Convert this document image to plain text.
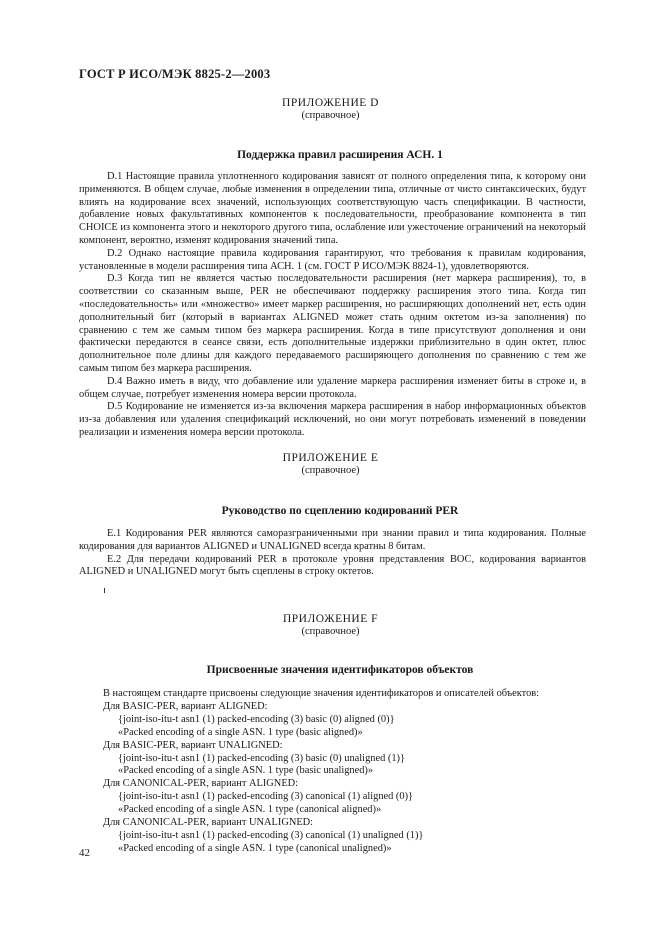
ГОСТ Р ИСО/МЭК 8825-2—2003
ПРИЛОЖЕНИЕ D
(справочное)
Поддержка правил расширения АСН. 1

D.1 Настоящие правила уплотненного кодирования зависят от полного определения типа, к которому они применяются. В общем случае, любые изменения в определении типа, отличные от чисто синтаксических, будут влиять на кодирование всех значений, использующих соответствующую часть спецификации. В частности, добавление новых факультативных компонентов к последовательности, преобразование компонента в тип CHOICE из компонента этого и некоторого другого типа, ослабление или ужесточение ограничений на некоторый компонент, вероятно, изменят кодирования значений типа.

D.2 Однако настоящие правила кодирования гарантируют, что требования к правилам кодирования, установленные в модели расширения типа АСН. 1 (см. ГОСТ Р ИСО/МЭК 8824-1), удовлетворяются.

D.3 Когда тип не является частью последовательности расширения (нет маркера расширения), то, в соответствии со сказанным выше, PER не обеспечивают поддержку расширения этого типа. Когда тип «последовательность» или «множество» имеет маркер расширения, но расширяющих дополнений нет, есть один дополнительный бит (который в вариантах ALIGNED может стать одним октетом из-за заполнения) по сравнению с тем же самым типом без маркера расширения. Когда в типе присутствуют дополнения и они фактически передаются в сеансе связи, есть дополнительные издержки приблизительно в один октет, плюс дополнительное поле длины для каждого передаваемого расширяющего дополнения по сравнению с тем же самым типом без маркера расширения.

D.4 Важно иметь в виду, что добавление или удаление маркера расширения изменяет биты в строке и, в общем случае, потребует изменения номера версии протокола.

D.5 Кодирование не изменяется из-за включения маркера расширения в набор информационных объектов из-за добавления или удаления спецификаций исключений, но они могут потребовать изменений в поведении реализации и изменения номера версии протокола.

ПРИЛОЖЕНИЕ E
(справочное)
Руководство по сцеплению кодирований PER

E.1 Кодирования PER являются саморазграниченными при знании правил и типа кодирования. Полные кодирования для вариантов ALIGNED и UNALIGNED всегда кратны 8 битам.

E.2 Для передачи кодирований PER в протоколе уровня представления ВОС, кодирования вариантов ALIGNED и UNALIGNED могут быть сцеплены в строку октетов.

ПРИЛОЖЕНИЕ F
(справочное)
Присвоенные значения идентификаторов объектов
В настоящем стандарте присвоены следующие значения идентификаторов и описателей объектов:
Для BASIC-PER, вариант ALIGNED:
{joint-iso-itu-t asn1 (1) packed-encoding (3) basic (0) aligned (0)}
«Packed encoding of a single ASN. 1 type (basic aligned)»
Для BASIC-PER, вариант UNALIGNED:
{joint-iso-itu-t asn1 (1) packed-encoding (3) basic (0) unaligned (1)}
«Packed encoding of a single ASN. 1 type (basic unaligned)»
Для CANONICAL-PER, вариант ALIGNED:
{joint-iso-itu-t asn1 (1) packed-encoding (3) canonical (1) aligned (0)}
«Packed encoding of a single ASN. 1 type (canonical aligned)»
Для CANONICAL-PER, вариант UNALIGNED:
{joint-iso-itu-t asn1 (1) packed-encoding (3) canonical (1) unaligned (1)}
«Packed encoding of a single ASN. 1 type (canonical unaligned)»
42
